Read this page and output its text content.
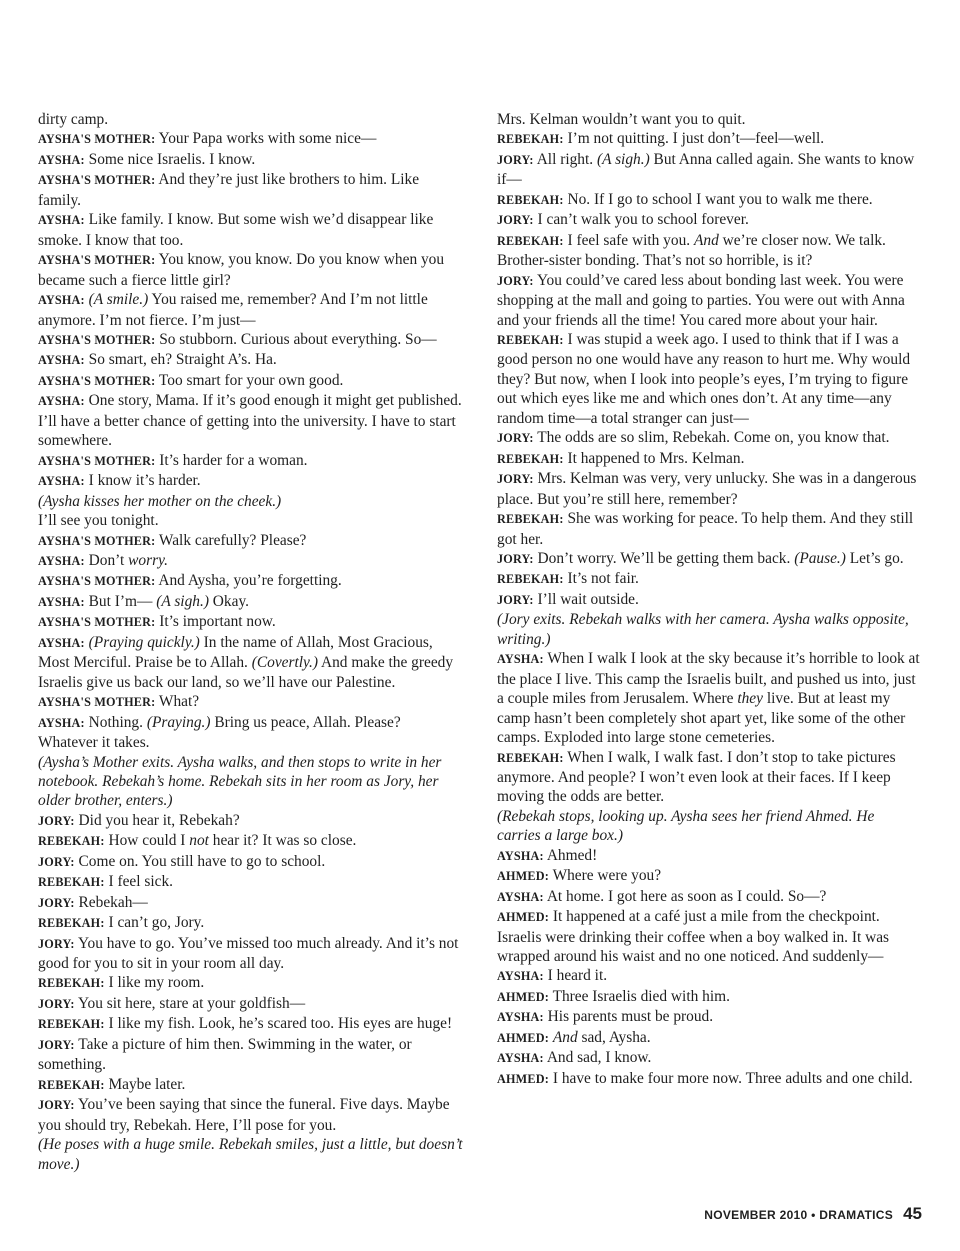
dirty camp.

AYSHA'S MOTHER: Your Papa works with some nice—

AYSHA: Some nice Israelis. I know.

AYSHA'S MOTHER: And they’re just like brothers to him. Like family.

AYSHA: Like family. I know. But some wish we’d disappear like smoke. I know that too.

AYSHA'S MOTHER: You know, you know. Do you know when you became such a fierce little girl?

AYSHA: (A smile.) You raised me, remember? And I’m not little anymore. I’m not fierce. I’m just—

AYSHA'S MOTHER: So stubborn. Curious about everything. So—

AYSHA: So smart, eh? Straight A’s. Ha.

AYSHA'S MOTHER: Too smart for your own good.

AYSHA: One story, Mama. If it’s good enough it might get published. I’ll have a better chance of getting into the university. I have to start somewhere.

AYSHA'S MOTHER: It’s harder for a woman.

AYSHA: I know it’s harder.

(Aysha kisses her mother on the cheek.)

I’ll see you tonight.

AYSHA'S MOTHER: Walk carefully? Please?

AYSHA: Don’t worry.

AYSHA'S MOTHER: And Aysha, you’re forgetting.

AYSHA: But I’m— (A sigh.) Okay.

AYSHA'S MOTHER: It’s important now.

AYSHA: (Praying quickly.) In the name of Allah, Most Gracious, Most Merciful. Praise be to Allah. (Covertly.) And make the greedy Israelis give us back our land, so we’ll have our Palestine.

AYSHA'S MOTHER: What?

AYSHA: Nothing. (Praying.) Bring us peace, Allah. Please? Whatever it takes.

(Aysha’s Mother exits. Aysha walks, and then stops to write in her notebook. Rebekah’s home. Rebekah sits in her room as Jory, her older brother, enters.)

JORY: Did you hear it, Rebekah?

REBEKAH: How could I not hear it? It was so close.

JORY: Come on. You still have to go to school.

REBEKAH: I feel sick.

JORY: Rebekah—

REBEKAH: I can’t go, Jory.

JORY: You have to go. You’ve missed too much already. And it’s not good for you to sit in your room all day.

REBEKAH: I like my room.

JORY: You sit here, stare at your goldfish—

REBEKAH: I like my fish. Look, he’s scared too. His eyes are huge!

JORY: Take a picture of him then. Swimming in the water, or something.

REBEKAH: Maybe later.

JORY: You’ve been saying that since the funeral. Five days. Maybe you should try, Rebekah. Here, I’ll pose for you.

(He poses with a huge smile. Rebekah smiles, just a little, but doesn’t move.)

Mrs. Kelman wouldn’t want you to quit.

REBEKAH: I’m not quitting. I just don’t—feel—well.

JORY: All right. (A sigh.) But Anna called again. She wants to know if—

REBEKAH: No. If I go to school I want you to walk me there.

JORY: I can’t walk you to school forever.

REBEKAH: I feel safe with you. And we’re closer now. We talk. Brother-sister bonding. That’s not so horrible, is it?

JORY: You could’ve cared less about bonding last week. You were shopping at the mall and going to parties. You were out with Anna and your friends all the time! You cared more about your hair.

REBEKAH: I was stupid a week ago. I used to think that if I was a good person no one would have any reason to hurt me. Why would they? But now, when I look into people’s eyes, I’m trying to figure out which eyes like me and which ones don’t. At any time—any random time—a total stranger can just—

JORY: The odds are so slim, Rebekah. Come on, you know that.

REBEKAH: It happened to Mrs. Kelman.

JORY: Mrs. Kelman was very, very unlucky. She was in a dangerous place. But you’re still here, remember?

REBEKAH: She was working for peace. To help them. And they still got her.

JORY: Don’t worry. We’ll be getting them back. (Pause.) Let’s go.

REBEKAH: It’s not fair.

JORY: I’ll wait outside.

(Jory exits. Rebekah walks with her camera. Aysha walks opposite, writing.)

AYSHA: When I walk I look at the sky because it’s horrible to look at the place I live. This camp the Israelis built, and pushed us into, just a couple miles from Jerusalem. Where they live. But at least my camp hasn’t been completely shot apart yet, like some of the other camps. Exploded into large stone cemeteries.

REBEKAH: When I walk, I walk fast. I don’t stop to take pictures anymore. And people? I won’t even look at their faces. If I keep moving the odds are better.

(Rebekah stops, looking up. Aysha sees her friend Ahmed. He carries a large box.)

AYSHA: Ahmed!

AHMED: Where were you?

AYSHA: At home. I got here as soon as I could. So—?

AHMED: It happened at a café just a mile from the checkpoint. Israelis were drinking their coffee when a boy walked in. It was wrapped around his waist and no one noticed. And suddenly—

AYSHA: I heard it.

AHMED: Three Israelis died with him.

AYSHA: His parents must be proud.

AHMED: And sad, Aysha.

AYSHA: And sad, I know.

AHMED: I have to make four more now. Three adults and one child.

NOVEMBER 2010 • DRAMATICS 45
